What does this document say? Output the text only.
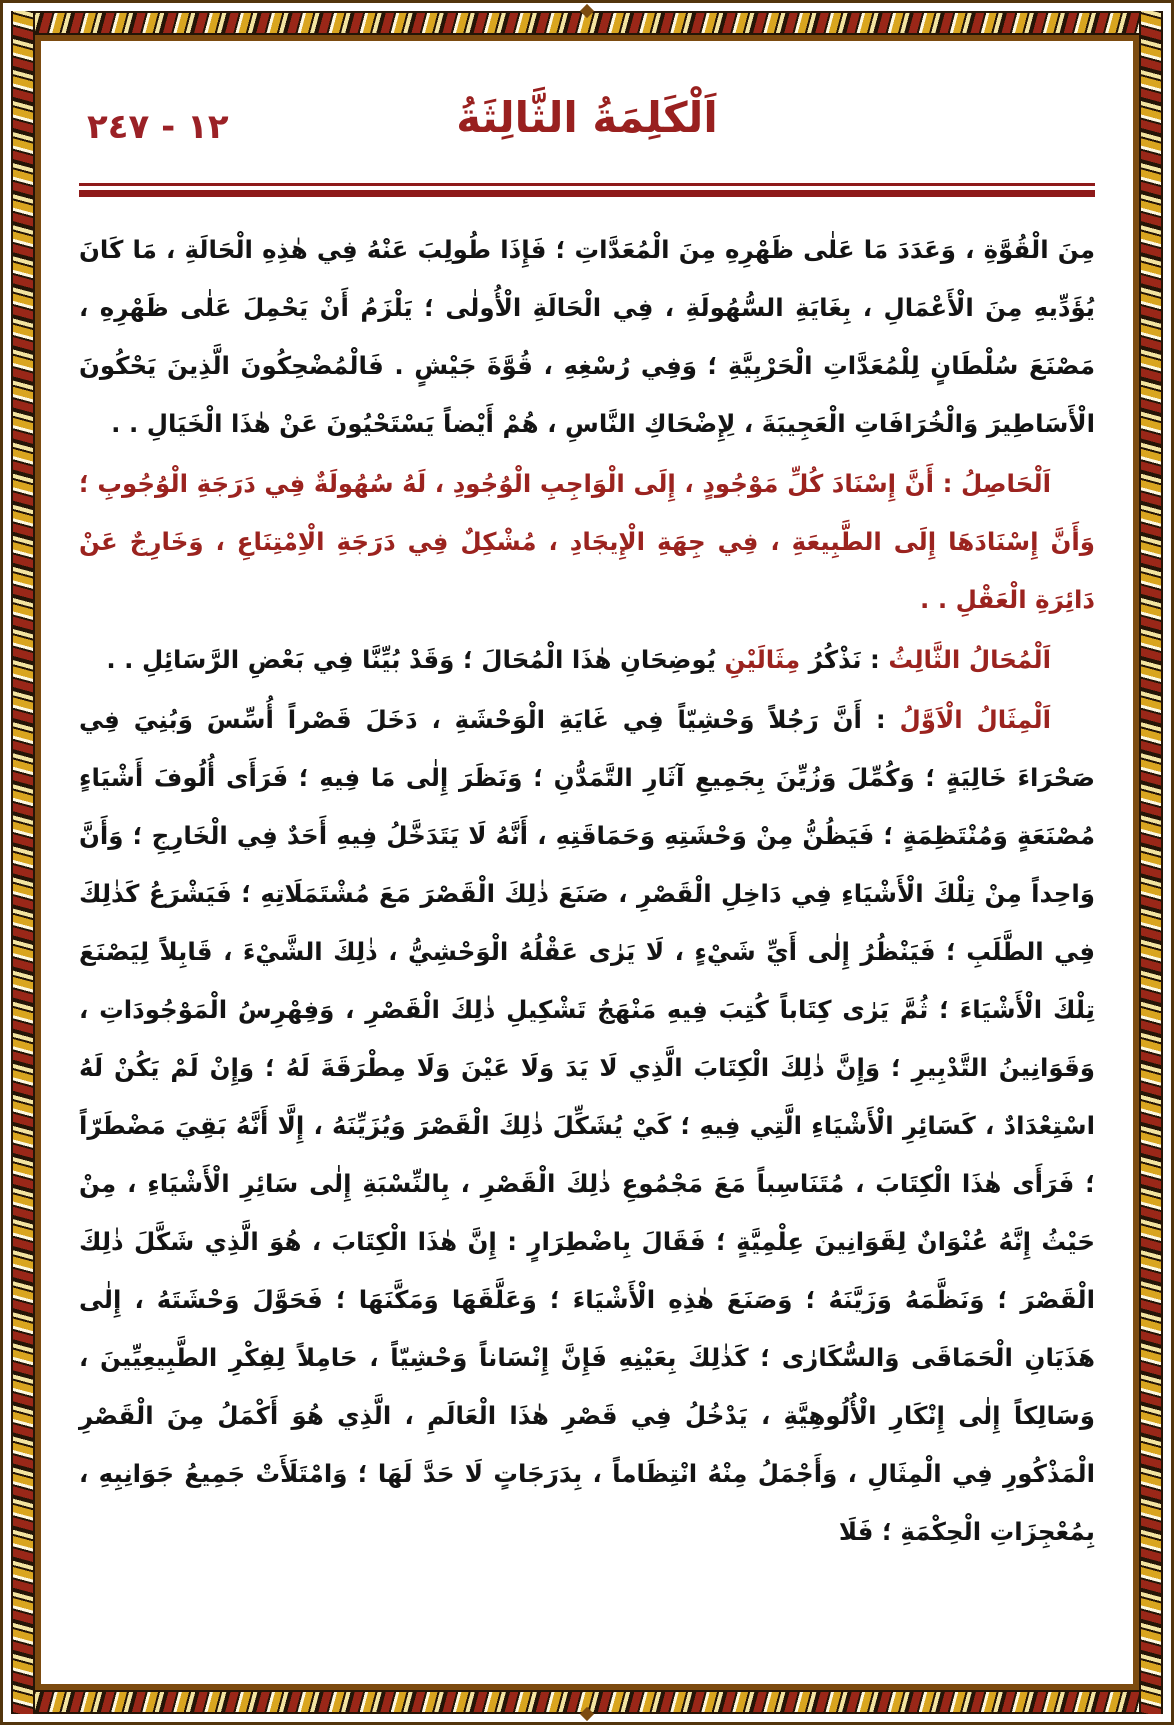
١٢ - ٢٤٧	اَلْكَلِمَةُ الثَّالِثَةُ

مِنَ الْقُوَّةِ ، وَعَدَدَ مَا عَلٰى ظَهْرِهِ مِنَ الْمُعَدَّاتِ ؛ فَإِذَا طُولِبَ عَنْهُ فِي هٰذِهِ الْحَالَةِ ، مَا كَانَ يُؤَدِّيهِ مِنَ الْأَعْمَالِ ، بِغَايَةِ السُّهُولَةِ ، فِي الْحَالَةِ الْأُولٰى ؛ يَلْزَمُ أَنْ يَحْمِلَ عَلٰى ظَهْرِهِ ، مَصْنَعَ سُلْطَانٍ لِلْمُعَدَّاتِ الْحَرْبِيَّةِ ؛ وَفِي رُسْغِهِ ، قُوَّةَ جَيْشٍ . فَالْمُضْحِكُونَ الَّذِينَ يَحْكُونَ الْأَسَاطِيرَ وَالْخُرَافَاتِ الْعَجِيبَةَ ، لِإِضْحَاكِ النَّاسِ ، هُمْ أَيْضاً يَسْتَحْيُونَ عَنْ هٰذَا الْخَيَالِ . .

اَلْحَاصِلُ : أَنَّ إِسْنَادَ كُلِّ مَوْجُودٍ ، إِلَى الْوَاجِبِ الْوُجُودِ ، لَهُ سُهُولَةٌ فِي دَرَجَةِ الْوُجُوبِ ؛ وَأَنَّ إِسْنَادَهَا إِلَى الطَّبِيعَةِ ، فِي جِهَةِ الْإِيجَادِ ، مُشْكِلٌ فِي دَرَجَةِ الْاِمْتِنَاعِ ، وَخَارِجٌ عَنْ دَائِرَةِ الْعَقْلِ . .

اَلْمُحَالُ الثَّالِثُ : نَذْكُرُ مِثَالَيْنِ يُوضِحَانِ هٰذَا الْمُحَالَ ؛ وَقَدْ بُيِّنَّا فِي بَعْضِ الرَّسَائِلِ . .

اَلْمِثَالُ الْاَوَّلُ : أَنَّ رَجُلاً وَحْشِيّاً فِي غَايَةِ الْوَحْشَةِ ، دَخَلَ قَصْراً أُسِّسَ وَبُنِيَ فِي صَحْرَاءَ خَالِيَةٍ ؛ وَكُمِّلَ وَزُيِّنَ بِجَمِيعِ آثَارِ التَّمَدُّنِ ؛ وَنَظَرَ إِلٰى مَا فِيهِ ؛ فَرَأَى أُلُوفَ أَشْيَاءٍ مُصْنَعَةٍ وَمُنْتَظِمَةٍ ؛ فَيَظُنُّ مِنْ وَحْشَتِهِ وَحَمَاقَتِهِ ، أَنَّهُ لَا يَتَدَخَّلُ فِيهِ أَحَدٌ فِي الْخَارِجِ ؛ وَأَنَّ وَاحِداً مِنْ تِلْكَ الْأَشْيَاءِ فِي دَاخِلِ الْقَصْرِ ، صَنَعَ ذٰلِكَ الْقَصْرَ مَعَ مُشْتَمَلَاتِهِ ؛ فَيَشْرَعُ كَذٰلِكَ فِي الطَّلَبِ ؛ فَيَنْظُرُ إِلٰى أَيِّ شَيْءٍ ، لَا يَرٰى عَقْلُهُ الْوَحْشِيُّ ، ذٰلِكَ الشَّيْءَ ، قَابِلاً لِيَصْنَعَ تِلْكَ الْأَشْيَاءَ ؛ ثُمَّ يَرٰى كِتَاباً كُتِبَ فِيهِ مَنْهَجُ تَشْكِيلِ ذٰلِكَ الْقَصْرِ ، وَفِهْرِسُ الْمَوْجُودَاتِ ، وَقَوَانِينُ التَّدْبِيرِ ؛ وَإِنَّ ذٰلِكَ الْكِتَابَ الَّذِي لَا يَدَ وَلَا عَيْنَ وَلَا مِطْرَقَةَ لَهُ ؛ وَإِنْ لَمْ يَكُنْ لَهُ اسْتِعْدَادٌ ، كَسَائِرِ الْأَشْيَاءِ الَّتِي فِيهِ ؛ كَيْ يُشَكِّلَ ذٰلِكَ الْقَصْرَ وَيُزَيِّنَهُ ، إِلَّا أَنَّهُ بَقِيَ مَضْطَرّاً ؛ فَرَأَى هٰذَا الْكِتَابَ ، مُتَنَاسِباً مَعَ مَجْمُوعِ ذٰلِكَ الْقَصْرِ ، بِالنِّسْبَةِ إِلٰى سَائِرِ الْأَشْيَاءِ ، مِنْ حَيْثُ إِنَّهُ عُنْوَانٌ لِقَوَانِينَ عِلْمِيَّةٍ ؛ فَقَالَ بِاضْطِرَارٍ : إِنَّ هٰذَا الْكِتَابَ ، هُوَ الَّذِي شَكَّلَ ذٰلِكَ الْقَصْرَ ؛ وَنَظَّمَهُ وَزَيَّنَهُ ؛ وَصَنَعَ هٰذِهِ الْأَشْيَاءَ ؛ وَعَلَّقَهَا وَمَكَّنَهَا ؛ فَحَوَّلَ وَحْشَتَهُ ، إِلٰى هَذَيَانِ الْحَمَاقَى وَالسُّكَارٰى ؛ كَذٰلِكَ بِعَيْنِهِ فَإِنَّ إِنْسَاناً وَحْشِيّاً ، حَامِلاً لِفِكْرِ الطَّبِيعِيِّينَ ، وَسَالِكاً إِلٰى إِنْكَارِ الْأُلُوهِيَّةِ ، يَدْخُلُ فِي قَصْرِ هٰذَا الْعَالَمِ ، الَّذِي هُوَ أَكْمَلُ مِنَ الْقَصْرِ الْمَذْكُورِ فِي الْمِثَالِ ، وَأَجْمَلُ مِنْهُ انْتِظَاماً ، بِدَرَجَاتٍ لَا حَدَّ لَهَا ؛ وَامْتَلَأَتْ جَمِيعُ جَوَانِبِهِ ، بِمُعْجِزَاتِ الْحِكْمَةِ ؛ فَلَا
